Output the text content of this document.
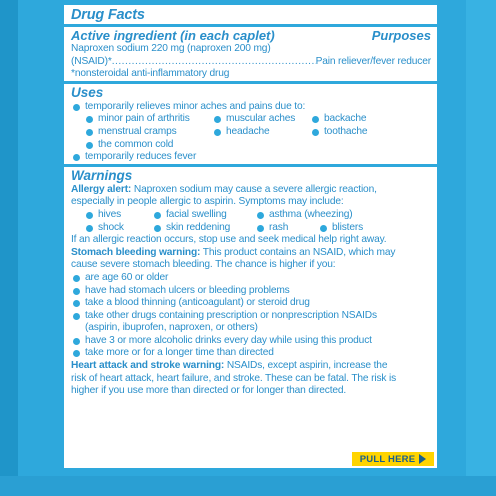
Drug Facts
Active ingredient (in each caplet)	Purposes
Naproxen sodium 220 mg (naproxen 200 mg)
(NSAID)*
.....	Pain reliever/fever reducer
*nonsteroidal anti-inflammatory drug
Uses
temporarily relieves minor aches and pains due to:
minor pain of arthritis	muscular aches	backache
menstrual cramps	headache	toothache
the common cold
temporarily reduces fever
Warnings
Allergy alert: Naproxen sodium may cause a severe allergic reaction,
especially in people allergic to aspirin. Symptoms may include:
hives	facial swelling	asthma (wheezing)
shock	skin reddening	rash	blisters
If an allergic reaction occurs, stop use and seek medical help right away.
Stomach bleeding warning: This product contains an NSAID, which may
cause severe stomach bleeding. The chance is higher if you:
are age 60 or older
have had stomach ulcers or bleeding problems
take a blood thinning (anticoagulant) or steroid drug
take other drugs containing prescription or nonprescription NSAIDs
(aspirin, ibuprofen, naproxen, or others)
have 3 or more alcoholic drinks every day while using this product
take more or for a longer time than directed
Heart attack and stroke warning: NSAIDs, except aspirin, increase the
risk of heart attack, heart failure, and stroke. These can be fatal. The risk is
higher if you use more than directed or for longer than directed.
PULL HERE
